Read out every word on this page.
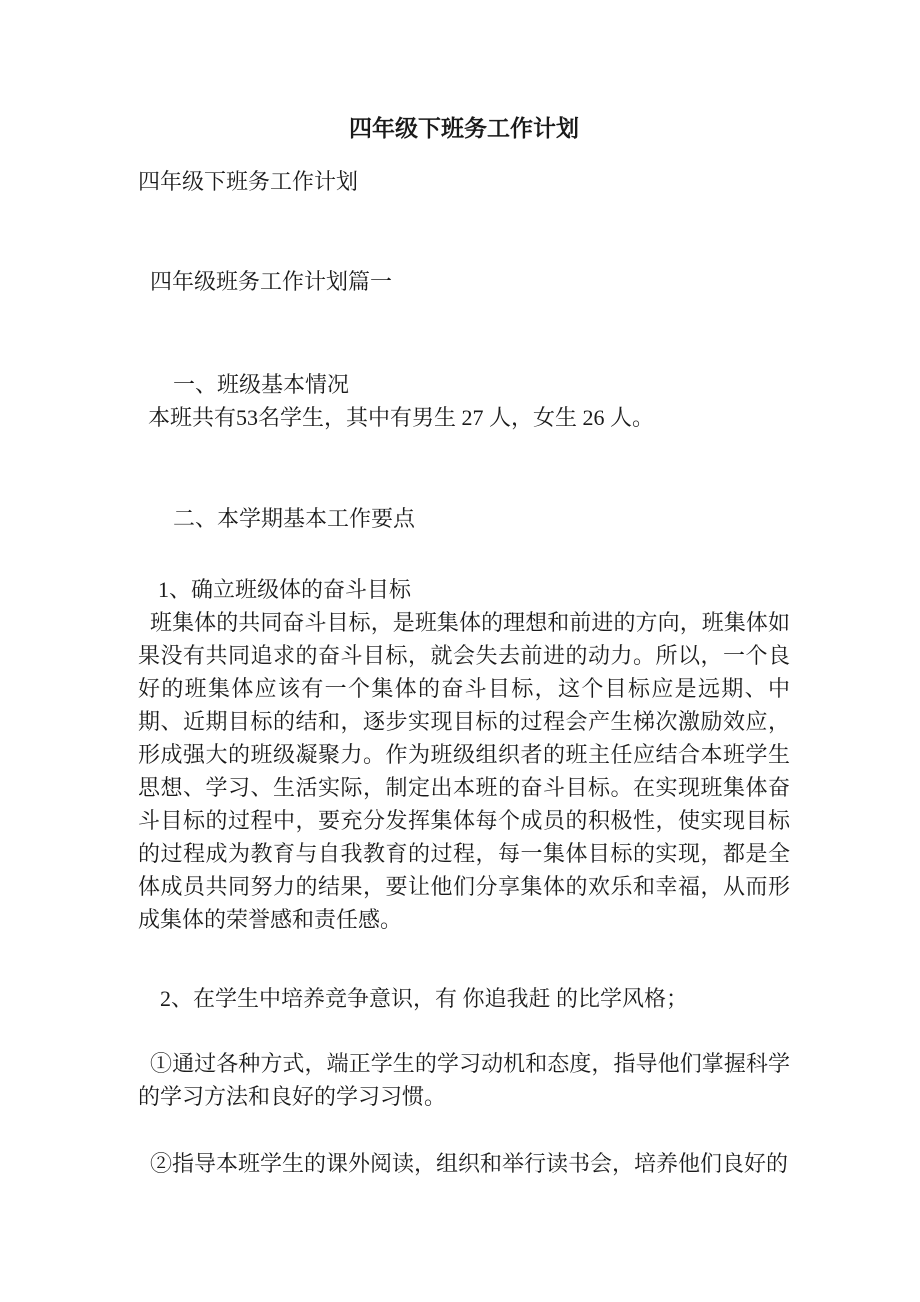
四年级下班务工作计划

四年级下班务工作计划

四年级班务工作计划篇一

一、班级基本情况

本班共有53名学生，其中有男生 27 人，女生 26 人。

二、本学期基本工作要点

1、确立班级体的奋斗目标

班集体的共同奋斗目标，是班集体的理想和前进的方向，班集体如果没有共同追求的奋斗目标，就会失去前进的动力。所以，一个良好的班集体应该有一个集体的奋斗目标，这个目标应是远期、中期、近期目标的结和，逐步实现目标的过程会产生梯次激励效应，形成强大的班级凝聚力。作为班级组织者的班主任应结合本班学生思想、学习、生活实际，制定出本班的奋斗目标。在实现班集体奋斗目标的过程中，要充分发挥集体每个成员的积极性，使实现目标的过程成为教育与自我教育的过程，每一集体目标的实现，都是全体成员共同努力的结果，要让他们分享集体的欢乐和幸福，从而形成集体的荣誉感和责任感。

2、在学生中培养竞争意识，有 你追我赶 的比学风格；

①通过各种方式，端正学生的学习动机和态度，指导他们掌握科学的学习方法和良好的学习习惯。

②指导本班学生的课外阅读，组织和举行读书会，培养他们良好的
